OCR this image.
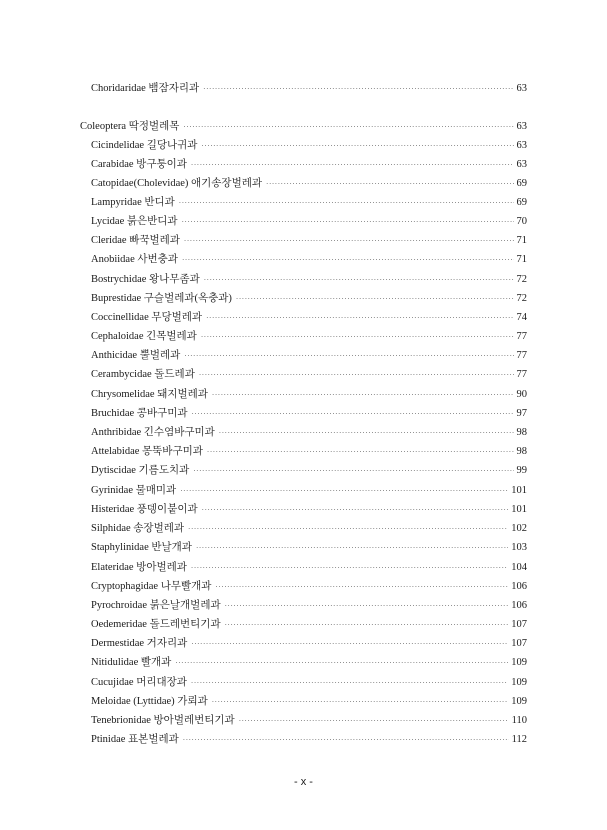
Choridaridae 뱀잠자리과 ·····	63
Coleoptera 딱정벌레목 ·····	63
Cicindelidae 길당나귀과 ·····	63
Carabidae 방구퉁이과 ·····	63
Catopidae(Cholevidae) 애기송장벌레과 ·····	69
Lampyridae 반디과 ·····	69
Lycidae 붉은반디과 ·····	70
Cleridae 빠꾹벌레과 ·····	71
Anobiidae 사번충과 ·····	71
Bostrychidae 왕나무좀과 ·····	72
Buprestidae 구슬벌레과(옥충과) ·····	72
Coccinellidae 무당벌레과 ·····	74
Cephaloidae 긴목벌레과 ·····	77
Anthicidae 뿔벌레과 ·····	77
Cerambycidae 돌드레과 ·····	77
Chrysomelidae 돼지벌레과 ·····	90
Bruchidae 콩바구미과 ·····	97
Anthribidae 긴수염바구미과 ·····	98
Attelabidae 몽뚝바구미과 ·····	98
Dytiscidae 기름도치과 ·····	99
Gyrinidae 물매미과 ·····	101
Histeridae 풍뎅이붙이과 ·····	101
Silphidae 송장벌레과 ·····	102
Staphylinidae 반날개과 ·····	103
Elateridae 방아벌레과 ·····	104
Cryptophagidae 나무빨개과 ·····	106
Pyrochroidae 붉은날개벌레과 ·····	106
Oedemeridae 돌드레번티기과 ·····	107
Dermestidae 거자리과 ·····	107
Nitidulidae 빨개과 ·····	109
Cucujidae 머리대장과 ·····	109
Meloidae (Lyttidae) 가뢰과 ·····	109
Tenebrionidae 방아벌레번티기과 ·····	110
Ptinidae 표본벌레과 ·····	112
- x -
